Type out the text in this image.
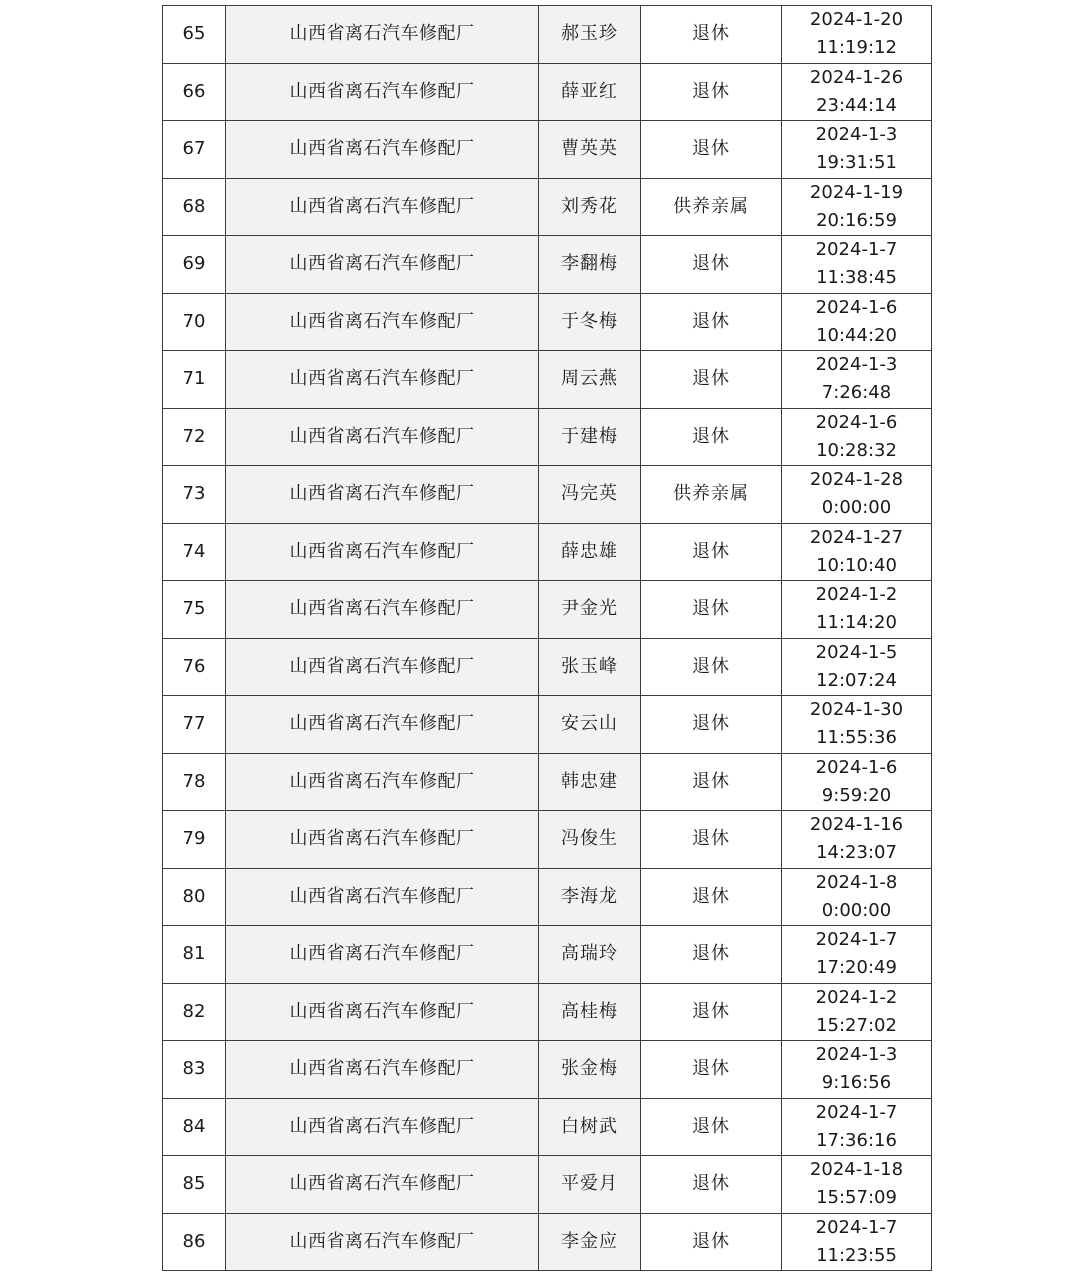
65	山西省离石汽车修配厂	郝玉珍	退休	2024-1-20
11:19:12

66	山西省离石汽车修配厂	薛亚红	退休	2024-1-26
23:44:14

67	山西省离石汽车修配厂	曹英英	退休	2024-1-3
19:31:51

68	山西省离石汽车修配厂	刘秀花	供养亲属	2024-1-19
20:16:59

69	山西省离石汽车修配厂	李翻梅	退休	2024-1-7
11:38:45

70	山西省离石汽车修配厂	于冬梅	退休	2024-1-6
10:44:20

71	山西省离石汽车修配厂	周云燕	退休	2024-1-3
7:26:48

72	山西省离石汽车修配厂	于建梅	退休	2024-1-6
10:28:32

73	山西省离石汽车修配厂	冯完英	供养亲属	2024-1-28
0:00:00

74	山西省离石汽车修配厂	薛忠雄	退休	2024-1-27
10:10:40

75	山西省离石汽车修配厂	尹金光	退休	2024-1-2
11:14:20

76	山西省离石汽车修配厂	张玉峰	退休	2024-1-5
12:07:24

77	山西省离石汽车修配厂	安云山	退休	2024-1-30
11:55:36

78	山西省离石汽车修配厂	韩忠建	退休	2024-1-6
9:59:20

79	山西省离石汽车修配厂	冯俊生	退休	2024-1-16
14:23:07

80	山西省离石汽车修配厂	李海龙	退休	2024-1-8
0:00:00

81	山西省离石汽车修配厂	高瑞玲	退休	2024-1-7
17:20:49

82	山西省离石汽车修配厂	高桂梅	退休	2024-1-2
15:27:02

83	山西省离石汽车修配厂	张金梅	退休	2024-1-3
9:16:56

84	山西省离石汽车修配厂	白树武	退休	2024-1-7
17:36:16

85	山西省离石汽车修配厂	平爱月	退休	2024-1-18
15:57:09

86	山西省离石汽车修配厂	李金应	退休	2024-1-7
11:23:55
